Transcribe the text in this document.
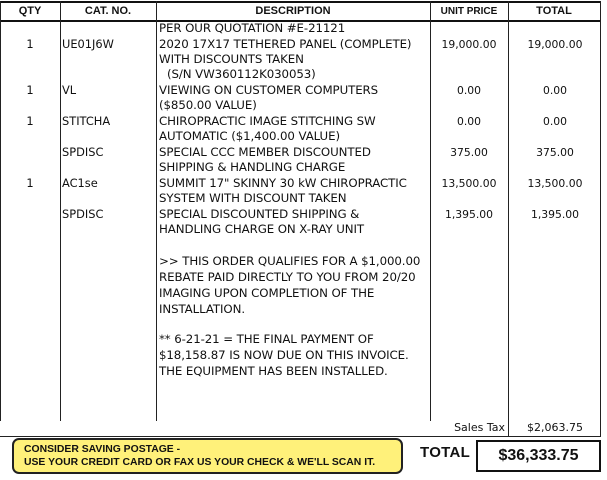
QTY	CAT. NO.	DESCRIPTION	UNIT PRICE	TOTAL
PER OUR QUOTATION #E-21121
1	UE01J6W	2020 17X17 TETHERED PANEL (COMPLETE)
WITH DISCOUNTS TAKEN
(S/N VW360112K030053)
19,000.00	19,000.00
1	VL	VIEWING ON CUSTOMER COMPUTERS
($850.00 VALUE)
0.00	0.00
1	STITCHA	CHIROPRACTIC IMAGE STITCHING SW
AUTOMATIC ($1,400.00 VALUE)
0.00	0.00
SPDISC	SPECIAL CCC MEMBER DISCOUNTED
SHIPPING & HANDLING CHARGE
375.00	375.00
1	AC1se	SUMMIT 17" SKINNY 30 kW CHIROPRACTIC
SYSTEM WITH DISCOUNT TAKEN
13,500.00	13,500.00
SPDISC	SPECIAL DISCOUNTED SHIPPING &
HANDLING CHARGE ON X-RAY UNIT
1,395.00	1,395.00
>> THIS ORDER QUALIFIES FOR A $1,000.00
REBATE PAID DIRECTLY TO YOU FROM 20/20
IMAGING UPON COMPLETION OF THE
INSTALLATION.
** 6-21-21 = THE FINAL PAYMENT OF
$18,158.87 IS NOW DUE ON THIS INVOICE.
THE EQUIPMENT HAS BEEN INSTALLED.
Sales Tax	$2,063.75
CONSIDER SAVING POSTAGE -
USE YOUR CREDIT CARD OR FAX US YOUR CHECK & WE'LL SCAN IT.
TOTAL	$36,333.75
